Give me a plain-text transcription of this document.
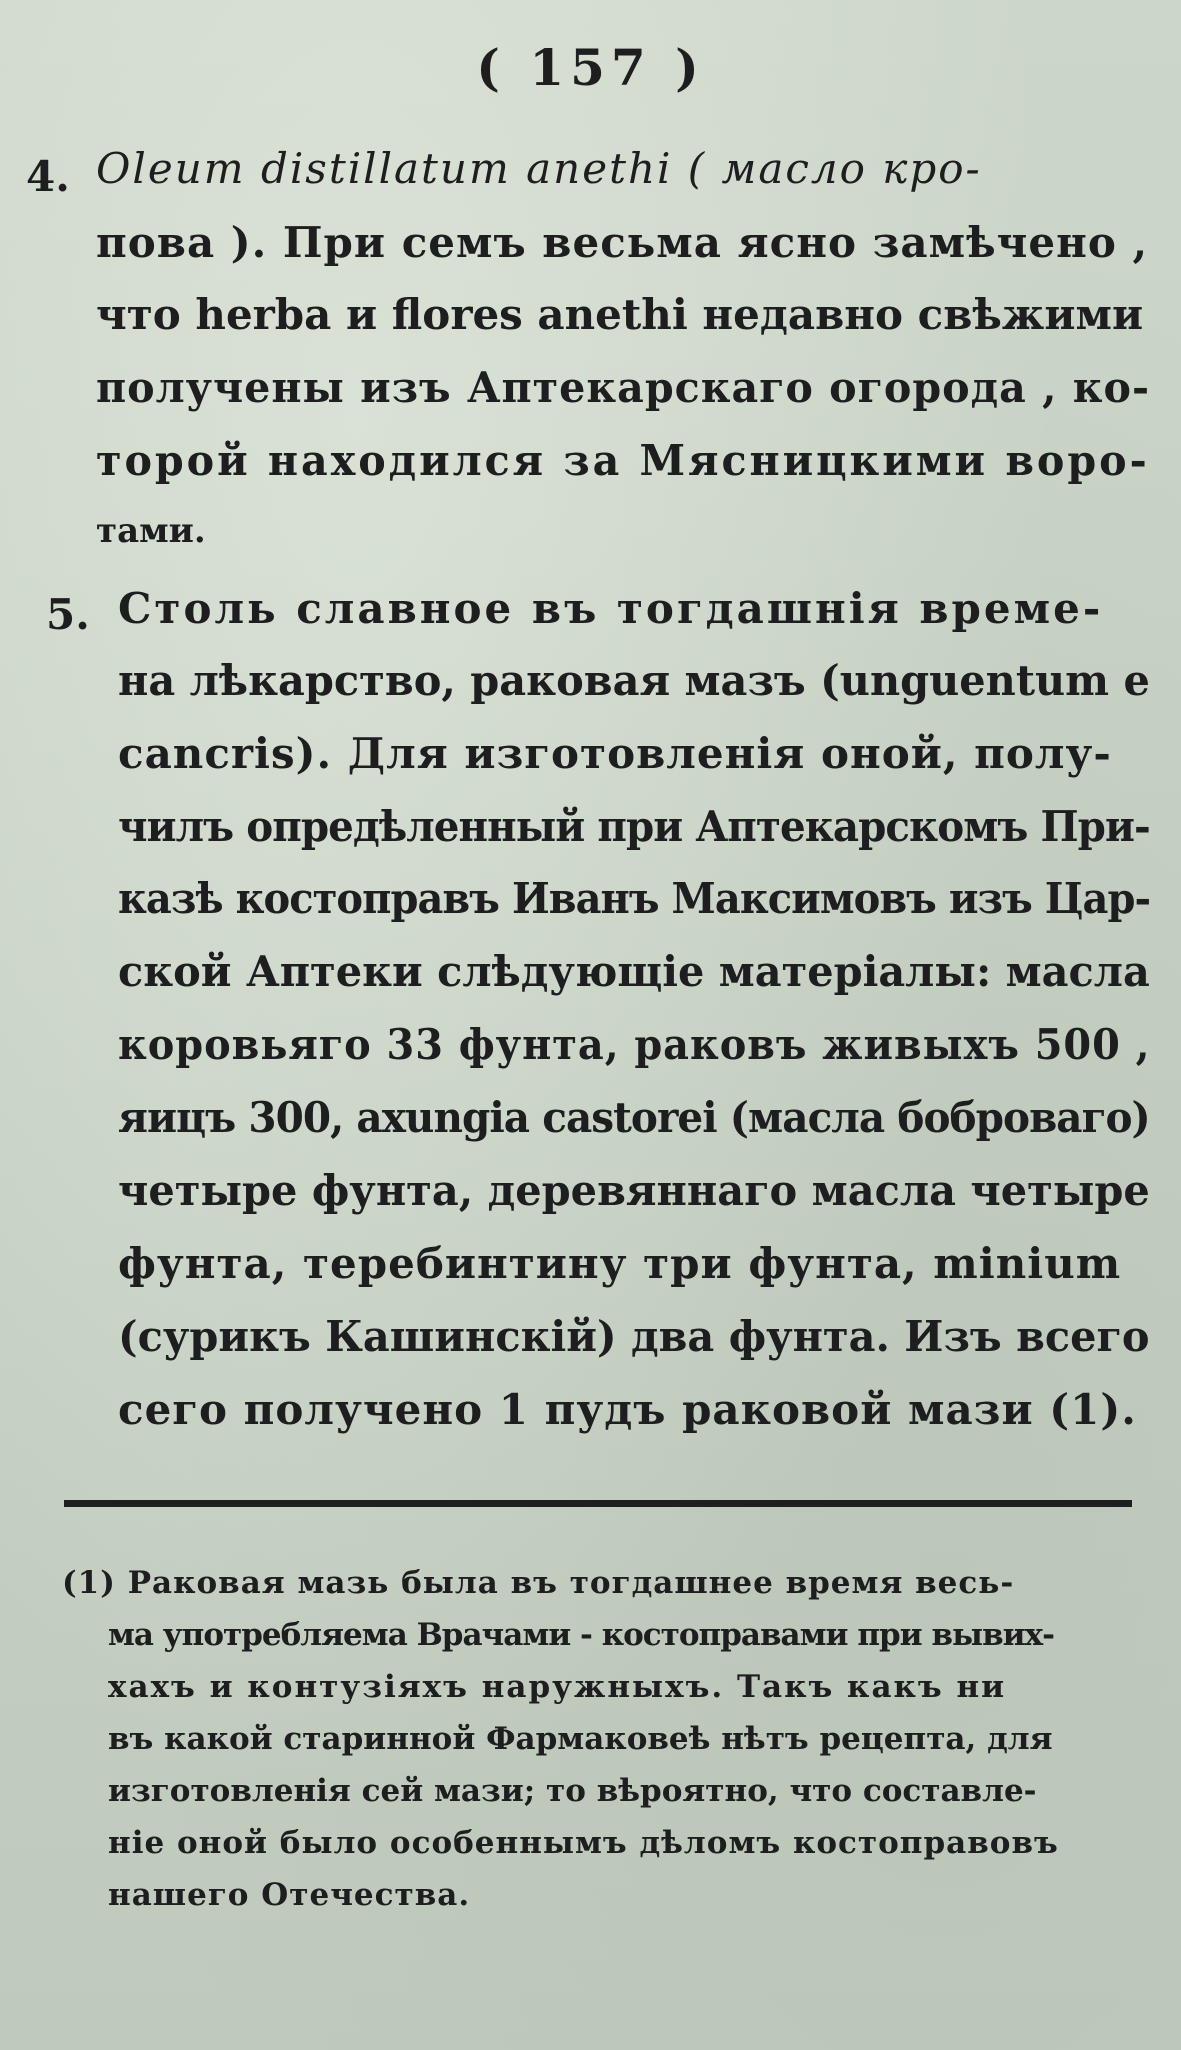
( 157 )
4. Oleum distillatum anethi ( масло кро-
пова ). При семъ весьма ясно замѣчено ,
что herba и flores anethi недавно свѣжими
получены изъ Аптекарскаго огорода , ко-
торой находился за Мясницкими воро-
тами.
5. Столь славное въ тогдашнія време-
на лѣкарство, раковая мазъ (unguentum e
cancris). Для изготовленія оной, полу-
чилъ опредѣленный при Аптекарскомъ При-
казѣ костоправъ Иванъ Максимовъ изъ Цар-
ской Аптеки слѣдующіе матеріалы: масла
коровьяго 33 фунта, раковъ живыхъ 500 ,
яицъ 300, axungia castorei (масла боброваго)
четыре фунта, деревяннаго масла четыре
фунта, теребинтину три фунта, minium
(сурикъ Кашинскій) два фунта. Изъ всего
сего получено 1 пудъ раковой мази (1).
(1) Раковая мазь была въ тогдашнее время весь-
ма употребляема Врачами - костоправами при вывих-
хахъ и контузіяхъ наружныхъ. Такъ какъ ни
въ какой старинной Фармаковеѣ нѣтъ рецепта, для
изготовленія сей мази; то вѣроятно, что составле-
ніе оной было особеннымъ дѣломъ костоправовъ
нашего Отечества.
